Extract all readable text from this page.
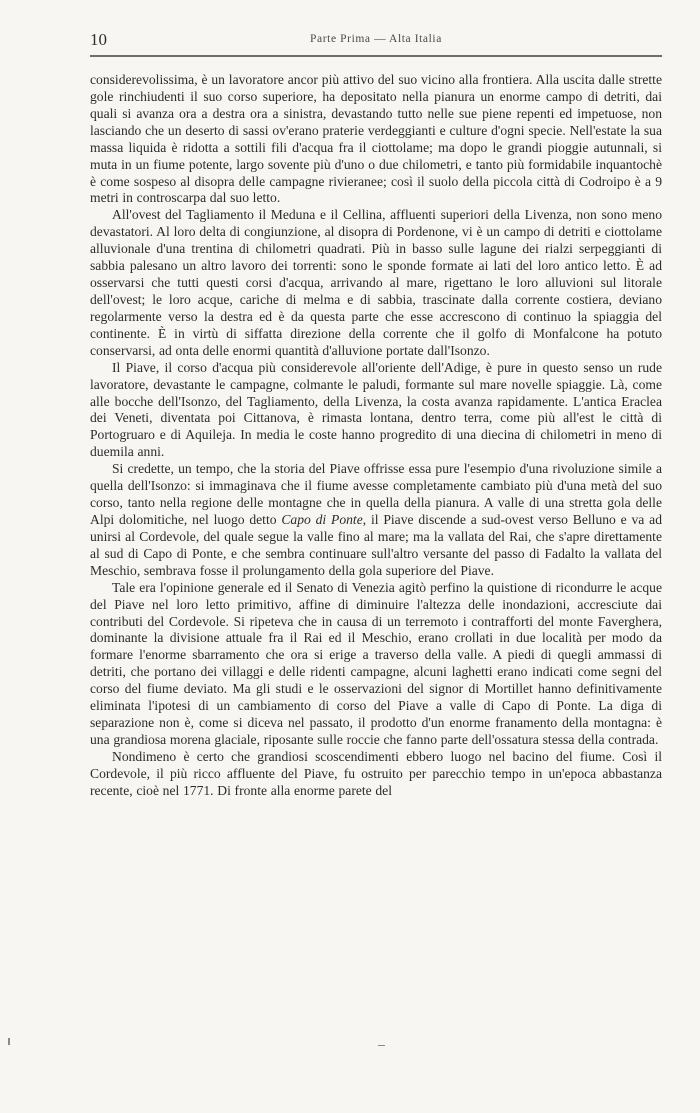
10	Parte Prima — Alta Italia

considerevolissima, è un lavoratore ancor più attivo del suo vicino alla frontiera. Alla uscita dalle strette gole rinchiudenti il suo corso superiore, ha depositato nella pianura un enorme campo di detriti, dai quali si avanza ora a destra ora a sinistra, devastando tutto nelle sue piene repenti ed impetuose, non lasciando che un deserto di sassi ov'erano praterie verdeggianti e culture d'ogni specie. Nell'estate la sua massa liquida è ridotta a sottili fili d'acqua fra il ciottolame; ma dopo le grandi pioggie autunnali, si muta in un fiume potente, largo sovente più d'uno o due chilometri, e tanto più formidabile inquantochè è come sospeso al disopra delle campagne rivieranee; così il suolo della piccola città di Codroipo è a 9 metri in controscarpa dal suo letto.

All'ovest del Tagliamento il Meduna e il Cellina, affluenti superiori della Livenza, non sono meno devastatori. Al loro delta di congiunzione, al disopra di Pordenone, vi è un campo di detriti e ciottolame alluvionale d'una trentina di chilometri quadrati. Più in basso sulle lagune dei rialzi serpeggianti di sabbia palesano un altro lavoro dei torrenti: sono le sponde formate ai lati del loro antico letto. È ad osservarsi che tutti questi corsi d'acqua, arrivando al mare, rigettano le loro alluvioni sul litorale dell'ovest; le loro acque, cariche di melma e di sabbia, trascinate dalla corrente costiera, deviano regolarmente verso la destra ed è da questa parte che esse accrescono di continuo la spiaggia del continente. È in virtù di siffatta direzione della corrente che il golfo di Monfalcone ha potuto conservarsi, ad onta delle enormi quantità d'alluvione portate dall'Isonzo.

Il Piave, il corso d'acqua più considerevole all'oriente dell'Adige, è pure in questo senso un rude lavoratore, devastante le campagne, colmante le paludi, formante sul mare novelle spiaggie. Là, come alle bocche dell'Isonzo, del Tagliamento, della Livenza, la costa avanza rapidamente. L'antica Eraclea dei Veneti, diventata poi Cittanova, è rimasta lontana, dentro terra, come più all'est le città di Portogruaro e di Aquileja. In media le coste hanno progredito di una diecina di chilometri in meno di duemila anni.

Si credette, un tempo, che la storia del Piave offrisse essa pure l'esempio d'una rivoluzione simile a quella dell'Isonzo: si immaginava che il fiume avesse completamente cambiato più d'una metà del suo corso, tanto nella regione delle montagne che in quella della pianura. A valle di una stretta gola delle Alpi dolomitiche, nel luogo detto Capo di Ponte, il Piave discende a sud-ovest verso Belluno e va ad unirsi al Cordevole, del quale segue la valle fino al mare; ma la vallata del Rai, che s'apre direttamente al sud di Capo di Ponte, e che sembra continuare sull'altro versante del passo di Fadalto la vallata del Meschio, sembrava fosse il prolungamento della gola superiore del Piave.

Tale era l'opinione generale ed il Senato di Venezia agitò perfino la quistione di ricondurre le acque del Piave nel loro letto primitivo, affine di diminuire l'altezza delle inondazioni, accresciute dai contributi del Cordevole. Si ripeteva che in causa di un terremoto i contrafforti del monte Faverghera, dominante la divisione attuale fra il Rai ed il Meschio, erano crollati in due località per modo da formare l'enorme sbarramento che ora si erige a traverso della valle. A piedi di quegli ammassi di detriti, che portano dei villaggi e delle ridenti campagne, alcuni laghetti erano indicati come segni del corso del fiume deviato. Ma gli studi e le osservazioni del signor di Mortillet hanno definitivamente eliminata l'ipotesi di un cambiamento di corso del Piave a valle di Capo di Ponte. La diga di separazione non è, come si diceva nel passato, il prodotto d'un enorme franamento della montagna: è una grandiosa morena glaciale, riposante sulle roccie che fanno parte dell'ossatura stessa della contrada.

Nondimeno è certo che grandiosi scoscendimenti ebbero luogo nel bacino del fiume. Così il Cordevole, il più ricco affluente del Piave, fu ostruito per parecchio tempo in un'epoca abbastanza recente, cioè nel 1771. Di fronte alla enorme parete del
